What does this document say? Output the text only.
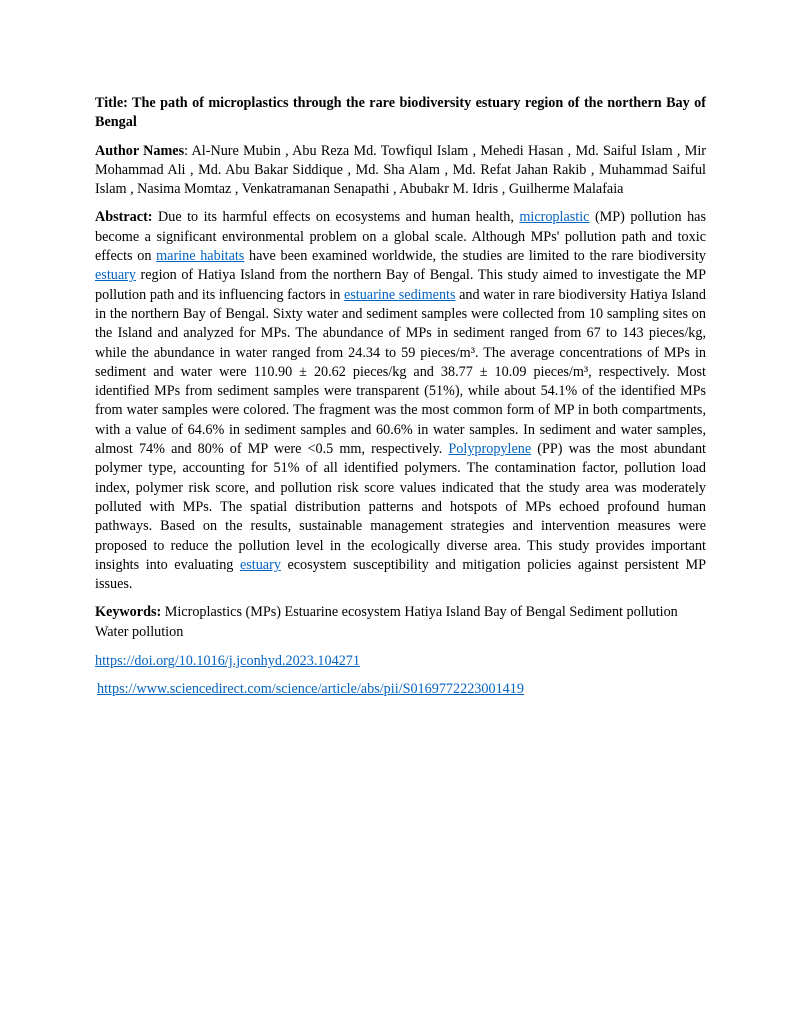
Title: The path of microplastics through the rare biodiversity estuary region of the northern Bay of Bengal

Author Names: Al-Nure Mubin , Abu Reza Md. Towfiqul Islam , Mehedi Hasan , Md. Saiful Islam , Mir Mohammad Ali , Md. Abu Bakar Siddique , Md. Sha Alam , Md. Refat Jahan Rakib , Muhammad Saiful Islam , Nasima Momtaz , Venkatramanan Senapathi , Abubakr M. Idris , Guilherme Malafaia

Abstract: Due to its harmful effects on ecosystems and human health, microplastic (MP) pollution has become a significant environmental problem on a global scale. Although MPs' pollution path and toxic effects on marine habitats have been examined worldwide, the studies are limited to the rare biodiversity estuary region of Hatiya Island from the northern Bay of Bengal. This study aimed to investigate the MP pollution path and its influencing factors in estuarine sediments and water in rare biodiversity Hatiya Island in the northern Bay of Bengal. Sixty water and sediment samples were collected from 10 sampling sites on the Island and analyzed for MPs. The abundance of MPs in sediment ranged from 67 to 143 pieces/kg, while the abundance in water ranged from 24.34 to 59 pieces/m³. The average concentrations of MPs in sediment and water were 110.90 ± 20.62 pieces/kg and 38.77 ± 10.09 pieces/m³, respectively. Most identified MPs from sediment samples were transparent (51%), while about 54.1% of the identified MPs from water samples were colored. The fragment was the most common form of MP in both compartments, with a value of 64.6% in sediment samples and 60.6% in water samples. In sediment and water samples, almost 74% and 80% of MP were <0.5 mm, respectively. Polypropylene (PP) was the most abundant polymer type, accounting for 51% of all identified polymers. The contamination factor, pollution load index, polymer risk score, and pollution risk score values indicated that the study area was moderately polluted with MPs. The spatial distribution patterns and hotspots of MPs echoed profound human pathways. Based on the results, sustainable management strategies and intervention measures were proposed to reduce the pollution level in the ecologically diverse area. This study provides important insights into evaluating estuary ecosystem susceptibility and mitigation policies against persistent MP issues.

Keywords: Microplastics (MPs) Estuarine ecosystem Hatiya Island Bay of Bengal Sediment pollution Water pollution

https://doi.org/10.1016/j.jconhyd.2023.104271

https://www.sciencedirect.com/science/article/abs/pii/S0169772223001419
